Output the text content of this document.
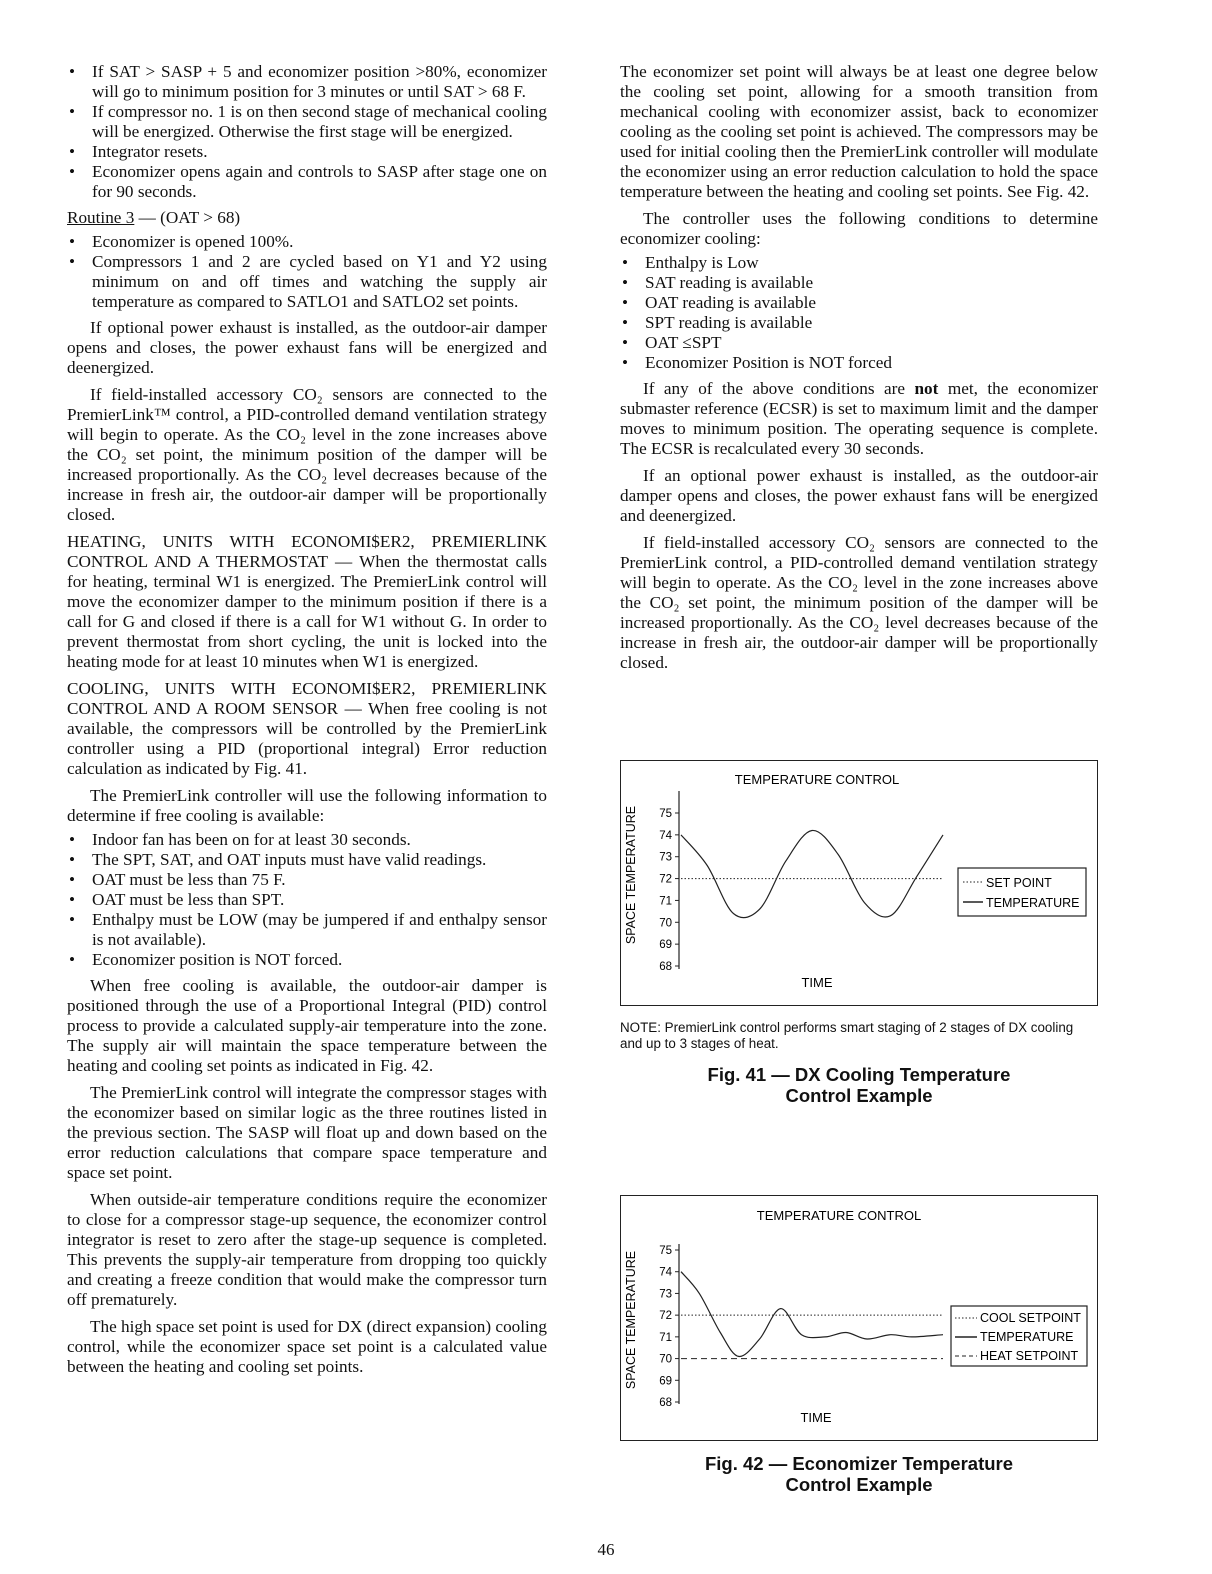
• If SAT > SASP + 5 and economizer position >80%, economizer will go to minimum position for 3 minutes or until SAT > 68 F.
• If compressor no. 1 is on then second stage of mechanical cooling will be energized. Otherwise the first stage will be energized.
• Integrator resets.
• Economizer opens again and controls to SASP after stage one on for 90 seconds.

Routine 3 — (OAT > 68)

• Economizer is opened 100%.
• Compressors 1 and 2 are cycled based on Y1 and Y2 using minimum on and off times and watching the supply air temperature as compared to SATLO1 and SATLO2 set points.

If optional power exhaust is installed, as the outdoor-air damper opens and closes, the power exhaust fans will be energized and deenergized.

If field-installed accessory CO₂ sensors are connected to the PremierLink™ control, a PID-controlled demand ventilation strategy will begin to operate. As the CO₂ level in the zone increases above the CO₂ set point, the minimum position of the damper will be increased proportionally. As the CO₂ level decreases because of the increase in fresh air, the outdoor-air damper will be proportionally closed.

HEATING, UNITS WITH ECONOMI$ER2, PREMIERLINK CONTROL AND A THERMOSTAT — When the thermostat calls for heating, terminal W1 is energized. The PremierLink control will move the economizer damper to the minimum position if there is a call for G and closed if there is a call for W1 without G. In order to prevent thermostat from short cycling, the unit is locked into the heating mode for at least 10 minutes when W1 is energized.

COOLING, UNITS WITH ECONOMI$ER2, PREMIERLINK CONTROL AND A ROOM SENSOR — When free cooling is not available, the compressors will be controlled by the PremierLink controller using a PID (proportional integral) Error reduction calculation as indicated by Fig. 41.

The PremierLink controller will use the following information to determine if free cooling is available:

• Indoor fan has been on for at least 30 seconds.
• The SPT, SAT, and OAT inputs must have valid readings.
• OAT must be less than 75 F.
• OAT must be less than SPT.
• Enthalpy must be LOW (may be jumpered if and enthalpy sensor is not available).
• Economizer position is NOT forced.

When free cooling is available, the outdoor-air damper is positioned through the use of a Proportional Integral (PID) control process to provide a calculated supply-air temperature into the zone. The supply air will maintain the space temperature between the heating and cooling set points as indicated in Fig. 42.

The PremierLink control will integrate the compressor stages with the economizer based on similar logic as the three routines listed in the previous section. The SASP will float up and down based on the error reduction calculations that compare space temperature and space set point.

When outside-air temperature conditions require the economizer to close for a compressor stage-up sequence, the economizer control integrator is reset to zero after the stage-up sequence is completed. This prevents the supply-air temperature from dropping too quickly and creating a freeze condition that would make the compressor turn off prematurely.

The high space set point is used for DX (direct expansion) cooling control, while the economizer space set point is a calculated value between the heating and cooling set points.

The economizer set point will always be at least one degree below the cooling set point, allowing for a smooth transition from mechanical cooling with economizer assist, back to economizer cooling as the cooling set point is achieved. The compressors may be used for initial cooling then the PremierLink controller will modulate the economizer using an error reduction calculation to hold the space temperature between the heating and cooling set points. See Fig. 42.

The controller uses the following conditions to determine economizer cooling:

• Enthalpy is Low
• SAT reading is available
• OAT reading is available
• SPT reading is available
• OAT ≤SPT
• Economizer Position is NOT forced

If any of the above conditions are not met, the economizer submaster reference (ECSR) is set to maximum limit and the damper moves to minimum position. The operating sequence is complete. The ECSR is recalculated every 30 seconds.

If an optional power exhaust is installed, as the outdoor-air damper opens and closes, the power exhaust fans will be energized and deenergized.

If field-installed accessory CO₂ sensors are connected to the PremierLink control, a PID-controlled demand ventilation strategy will begin to operate. As the CO₂ level in the zone increases above the CO₂ set point, the minimum position of the damper will be increased proportionally. As the CO₂ level decreases because of the increase in fresh air, the outdoor-air damper will be proportionally closed.

TEMPERATURE CONTROL
SPACE TEMPERATURE
TIME
75
74
73
72
71
70
69
68
SET POINT
TEMPERATURE
NOTE: PremierLink control performs smart staging of 2 stages of DX cooling and up to 3 stages of heat.
Fig. 41 — DX Cooling Temperature
Control Example
TEMPERATURE CONTROL
SPACE TEMPERATURE
TIME
75
74
73
72
71
70
69
68
COOL SETPOINT
TEMPERATURE
HEAT SETPOINT
Fig. 42 — Economizer Temperature
Control Example
46
